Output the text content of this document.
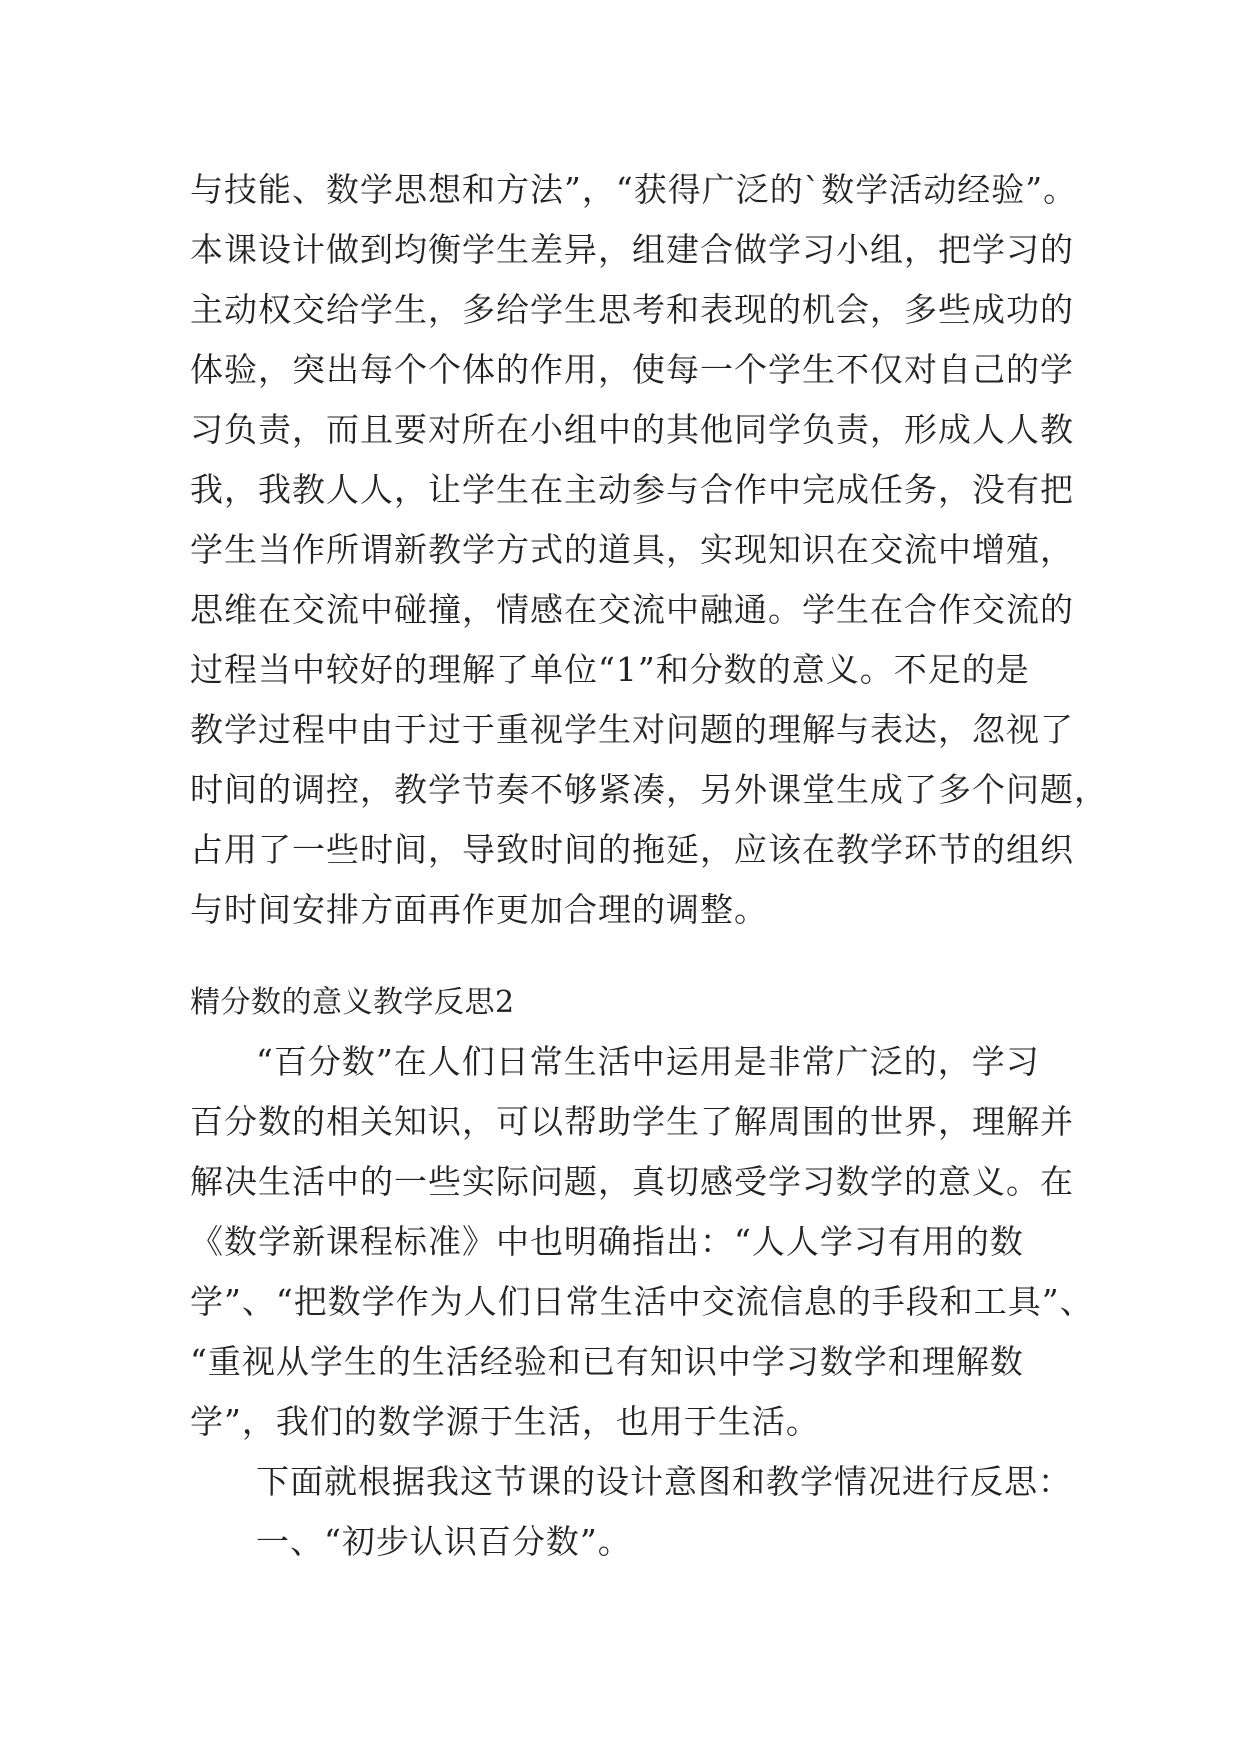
与技能、数学思想和方法”，“获得广泛的`数学活动经验”。
本课设计做到均衡学生差异，组建合做学习小组，把学习的
主动权交给学生，多给学生思考和表现的机会，多些成功的
体验，突出每个个体的作用，使每一个学生不仅对自己的学
习负责，而且要对所在小组中的其他同学负责，形成人人教
我，我教人人，让学生在主动参与合作中完成任务，没有把
学生当作所谓新教学方式的道具，实现知识在交流中增殖，
思维在交流中碰撞，情感在交流中融通。学生在合作交流的
过程当中较好的理解了单位“1”和分数的意义。不足的是
教学过程中由于过于重视学生对问题的理解与表达，忽视了
时间的调控，教学节奏不够紧凑，另外课堂生成了多个问题，
占用了一些时间，导致时间的拖延，应该在教学环节的组织
与时间安排方面再作更加合理的调整。
精分数的意义教学反思2
“百分数”在人们日常生活中运用是非常广泛的，学习
百分数的相关知识，可以帮助学生了解周围的世界，理解并
解决生活中的一些实际问题，真切感受学习数学的意义。在
《数学新课程标准》中也明确指出：“人人学习有用的数
学”、“把数学作为人们日常生活中交流信息的手段和工具”、
“重视从学生的生活经验和已有知识中学习数学和理解数
学”，我们的数学源于生活，也用于生活。
下面就根据我这节课的设计意图和教学情况进行反思：
一、“初步认识百分数”。
